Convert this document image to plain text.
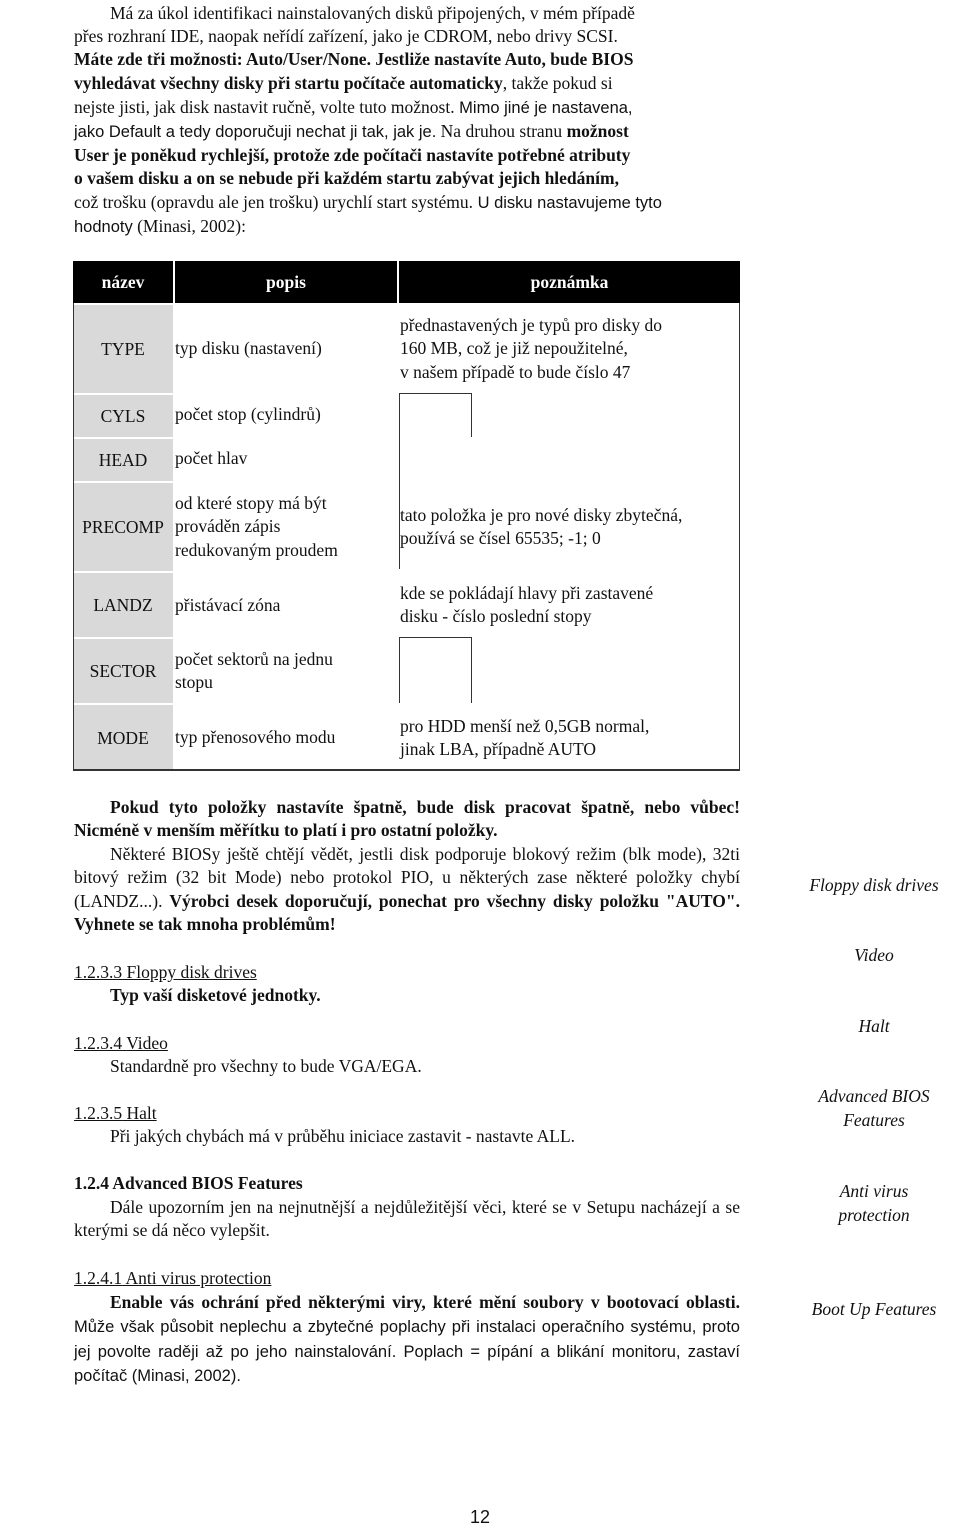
Má za úkol identifikaci nainstalovaných disků připojených, v mém případě
přes rozhraní IDE, naopak neřídí zařízení, jako je CDROM, nebo drivy SCSI.
Máte zde tři možnosti: Auto/User/None. Jestliže nastavíte Auto, bude BIOS
vyhledávat všechny disky při startu počítače automaticky, takže pokud si
nejste jisti, jak disk nastavit ručně, volte tuto možnost. Mimo jiné je nastavena,
jako Default a tedy doporučuji nechat ji tak, jak je. Na druhou stranu možnost
User je poněkud rychlejší, protože zde počítači nastavíte potřebné atributy
o vašem disku a on se nebude při každém startu zabývat jejich hledáním,
což trošku (opravdu ale jen trošku) urychlí start systému. U disku nastavujeme tyto
hodnoty (Minasi, 2002):
název	popis	poznámka
TYPE
CYLS
HEAD
PRECOMP
LANDZ
SECTOR
MODE
typ disku (nastavení)
počet stop (cylindrů)
počet hlav
od které stopy má být
prováděn zápis
redukovaným proudem
přistávací zóna
počet sektorů na jednu
stopu
typ přenosového modu
přednastavených je typů pro disky do
160 MB, což je již nepoužitelné,
v našem případě to bude číslo 47
tato položka je pro nové disky zbytečná,
používá se čísel 65535; -1; 0
kde se pokládají hlavy při zastavené
disku - číslo poslední stopy
pro HDD menší než 0,5GB normal,
jinak LBA, případně AUTO
Pokud tyto položky nastavíte špatně, bude disk pracovat špatně, nebo vůbec! Nicméně v menším měřítku to platí i pro ostatní položky.
Některé BIOSy ještě chtějí vědět, jestli disk podporuje blokový režim (blk mode), 32ti bitový režim (32 bit Mode) nebo protokol PIO, u některých zase některé položky chybí (LANDZ...). Výrobci desek doporučují, ponechat pro všechny disky položku "AUTO". Vyhnete se tak mnoha problémům!
1.2.3.3 Floppy disk drives
Typ vaší disketové jednotky.
1.2.3.4 Video
Standardně pro všechny to bude VGA/EGA.
1.2.3.5 Halt
Při jakých chybách má v průběhu iniciace zastavit - nastavte ALL.
1.2.4 Advanced BIOS Features
Dále upozorním jen na nejnutnější a nejdůležitější věci, které se v Setupu nacházejí a se kterými se dá něco vylepšit.
1.2.4.1 Anti virus protection
Enable vás ochrání před některými viry, které mění soubory v bootovací oblasti. Může však působit neplechu a zbytečné poplachy při instalaci operačního systému, proto jej povolte raději až po jeho nainstalování. Poplach = pípání a blikání monitoru, zastaví počítač (Minasi, 2002).
Floppy disk drives
Video
Halt
Advanced BIOS Features
Anti virus protection
Boot Up Features
12
